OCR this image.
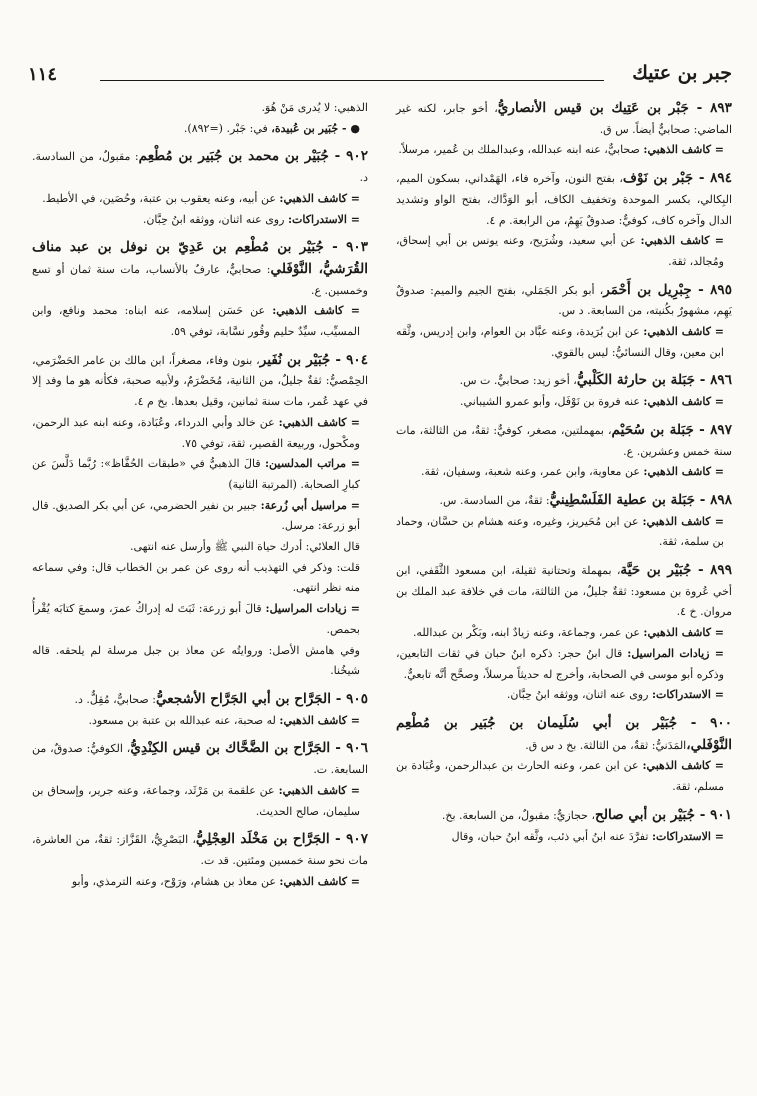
جبر بن عتيك
١١٤

٨٩٣ - جَبْر بن عَتِيك بن قيس الأنصاريُّ، أخو جابر، لكنه غير الماضي: صحابيٌّ أيضاً. س ق.

= كاشف الذهبي: صحابيٌّ، عنه ابنه عبدالله، وعبدالملك بن عُمير، مرسلاً.

٨٩٤ - جَبْر بن نَوْف، بفتح النون، وآخره فاء، الهَمْداني، بسكون الميم، البِكالي، بكسر الموحدة وتخفيف الكاف، أبو الوَدَّاك، بفتح الواو وتشديد الدال وآخره كاف، كوفيٌّ: صدوقٌ يَهِمُ، من الرابعة. م ٤.

= كاشف الذهبي: عن أبي سعيد، وشُرَيح، وعنه يونس بن أبي إسحاق، ومُجالد، ثقة.

٨٩٥ - جِبْرِيل بن أَحْمَر، أبو بكر الجَمَلي، بفتح الجيم والميم: صدوقٌ يَهِم، مشهورٌ بكُنيته، من السابعة. د س.

= كاشف الذهبي: عن ابن بُرَيدة، وعنه عبَّاد بن العوام، وابن إدريس، وثَّقه ابن معين، وقال النسائيُّ: ليس بالقوي.

٨٩٦ - جَبَلة بن حارثة الكَلْبيُّ، أخو زيد: صحابيٌّ. ت س.

= كاشف الذهبي: عنه فروة بن نَوْفَل، وأبو عمرو الشيباني.

٨٩٧ - جَبَلة بن سُحَيْم، بمهملتين، مصغر، كوفيٌّ: ثقةٌ، من الثالثة، مات سنة خمس وعشرين. ع.

= كاشف الذهبي: عن معاوية، وابن عمر، وعنه شعبة، وسفيان، ثقة.

٨٩٨ - جَبَلة بن عطية الفَلَسْطِينيُّ: ثقةٌ، من السادسة. س.

= كاشف الذهبي: عن ابن مُحَيريز، وغيره، وعنه هشام بن حسَّان، وحماد بن سلمة، ثقة.

٨٩٩ - جُبَيْر بن حَيَّة، بمهملة وتحتانية ثقيلة، ابن مسعود الثَّقَفي، ابن أخي عُروة بن مسعود: ثقةٌ جليلٌ، من الثالثة، مات في خلافة عبد الملك بن مروان. خ ٤.

= كاشف الذهبي: عن عمر، وجماعة، وعنه زيادٌ ابنه، وبَكْر بن عبدالله.

= زيادات المراسيل: قال ابنُ حجر: ذكره ابنُ حبان في ثقات التابعين، وذكره أبو موسى في الصحابة، وأخرج له حديثاً مرسلاً، وصحَّح أنَّه تابعيٌّ.

= الاستدراكات: روى عنه اثنان، ووثقه ابنُ حِبَّان.

٩٠٠ - جُبَيْر بن أبي سُلَيمان بن جُبَير بن مُطْعِم النَّوْفَلي،المَدَنيُّ: ثقةٌ، من الثالثة. بخ د س ق.

= كاشف الذهبي: عن ابن عمر، وعنه الحارث بن عبدالرحمن، وعُبَادة بن مسلم، ثقة.

٩٠١ - جُبَيْر بن أبي صالح، حجازيٌّ: مقبولٌ، من السابعة. بخ.

= الاستدراكات: تفرَّدَ عنه ابنُ أبي ذئب، وثَّقه ابنُ حبان، وقال

الذهبي: لا يُدرى مَنْ هُوَ.

● - جُبَير بن عُبيدة، في: جَبْر. (=٨٩٢).

٩٠٢ - جُبَيْر بن محمد بن جُبَير بن مُطْعِم: مقبولٌ، من السادسة. د.

= كاشف الذهبي: عن أبيه، وعنه يعقوب بن عتبة، وحُصَين، في الأطيط.

= الاستدراكات: روى عنه اثنان، ووثقه ابنُ حِبَّان.

٩٠٣ - جُبَيْر بن مُطْعِم بن عَدِيّ بن نوفل بن عبد مناف القُرَشيُّ، النَّوْفَلي: صحابيٌّ، عارفٌ بالأنساب، مات سنة ثمان أو تسع وخمسين. ع.

= كاشف الذهبي: عن حَسَن إسلامه، عنه ابناه: محمد ونافع، وابن المسيِّب، سيِّدٌ حليم وقُور نسَّابة، توفي ٥٩.

٩٠٤ - جُبَيْر بن نُفَير، بنون وفاء، مصغراً، ابن مالك بن عامر الحَضْرَمي، الحِمْصيُّ: ثقةٌ جليلٌ، من الثانية، مُخَضْرَمٌ، ولأبيه صحبة، فكأنه هو ما وفد إلا في عهد عُمر، مات سنة ثمانين، وقيل بعدها. بخ م ٤.

= كاشف الذهبي: عن خالد وأبي الدرداء، وعُبَادة، وعنه ابنه عبد الرحمن، ومكْحول، وربيعة القصير، ثقة، توفي ٧٥.

= مراتب المدلسين: قالَ الذهبيُّ في «طبقات الحُفَّاظ»: رُبَّما دَلَّسَ عن كبارِ الصحابة. (المرتبة الثانية)

= مراسيل أبي زُرعة: جبير بن نفير الحضرمي، عن أبي بكر الصديق. قال أبو زرعة: مرسل.

قال العلائي: أدرك حياة النبي ﷺ وأرسل عنه انتهى.

قلت: وذكر في التهذيب أنه روى عن عمر بن الخطاب قال: وفي سماعه منه نظر انتهى.

= زيادات المراسيل: قالَ أبو زرعة: ثَبَتَ له إدراكُ عمرَ، وسمعَ كتابَه يُقْرأُ بحمص.

وفي هامش الأصل: وروايتُه عن معاذ بن جبل مرسلة لم يلحقه. قاله شيخُنا.

٩٠٥ - الجَرَّاح بن أبي الجَرَّاح الأشجعيُّ: صحابيٌّ، مُقِلٌّ. د.

= كاشف الذهبي: له صحبة، عنه عبدالله بن عتبة بن مسعود.

٩٠٦ - الجَرَّاح بن الضَّحَّاك بن قيس الكِنْدِيُّ، الكوفيُّ: صدوقٌ، من السابعة. ت.

= كاشف الذهبي: عن علقمة بن مَرْثَد، وجماعة، وعنه جرير، وإسحاق بن سليمان، صالح الحديث.

٩٠٧ - الجَرَّاح بن مَخْلَد العِجْلِيُّ، البَصْرِيُّ، القَزَّاز: ثقةٌ، من العاشرة، مات نحو سنة خمسين ومئتين. قد ت.

= كاشف الذهبي: عن معاذ بن هشام، ورَوْح، وعنه الترمذي، وأبو
